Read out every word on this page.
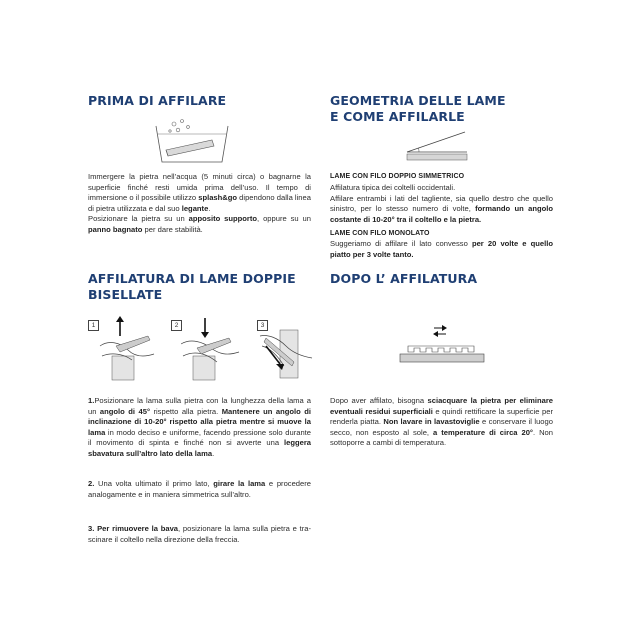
PRIMA DI AFFILARE
Immergere la pietra nell’acqua (5 minuti circa) o bagnarne la superficie finché resti umida prima dell’uso. Il tempo di immersione o il possibile utilizzo splash&go dipendono dalla linea di pietra utilizzata e dal suo legante.
Posizionare la pietra su un apposito supporto, oppure su un panno bagnato per dare stabilità.
GEOMETRIA DELLE LAME
E COME AFFILARLE
LAME CON FILO DOPPIO SIMMETRICO
Affilatura tipica dei coltelli occidentali.
Affilare entrambi i lati del tagliente, sia quello destro che quello sinistro, per lo stesso numero di volte, formando un angolo costante di 10-20° tra il coltello e la pietra.
LAME CON FILO MONOLATO
Suggeriamo di affilare il lato convesso per 20 volte e quello piatto per 3 volte tanto.
AFFILATURA DI LAME DOPPIE
BISELLATE
1	2	3
1.Posizionare la lama sulla pietra con la lunghezza della lama a un angolo di 45° rispetto alla pietra. Mantenere un angolo di inclinazione di 10-20° rispetto alla pietra mentre si muove la lama in modo deciso e uniforme, facendo pressione solo durante il movimento di spinta e finché non si avverte una leggera sbavatura sull’altro lato della lama.
2. Una volta ultimato il primo lato, girare la lama e procedere analogamente e in maniera simmetrica sull’altro.
3. Per rimuovere la bava, posizionare la lama sulla pietra e tra-scinare il coltello nella direzione della freccia.
DOPO L’ AFFILATURA
Dopo aver affilato, bisogna sciacquare la pietra per eliminare eventuali residui superficiali e quindi rettificare la superficie per renderla piatta. Non lavare in lavastoviglie e conservare il luogo secco, non esposto al sole, a temperature di circa 20°. Non sottoporre a cambi di temperatura.
